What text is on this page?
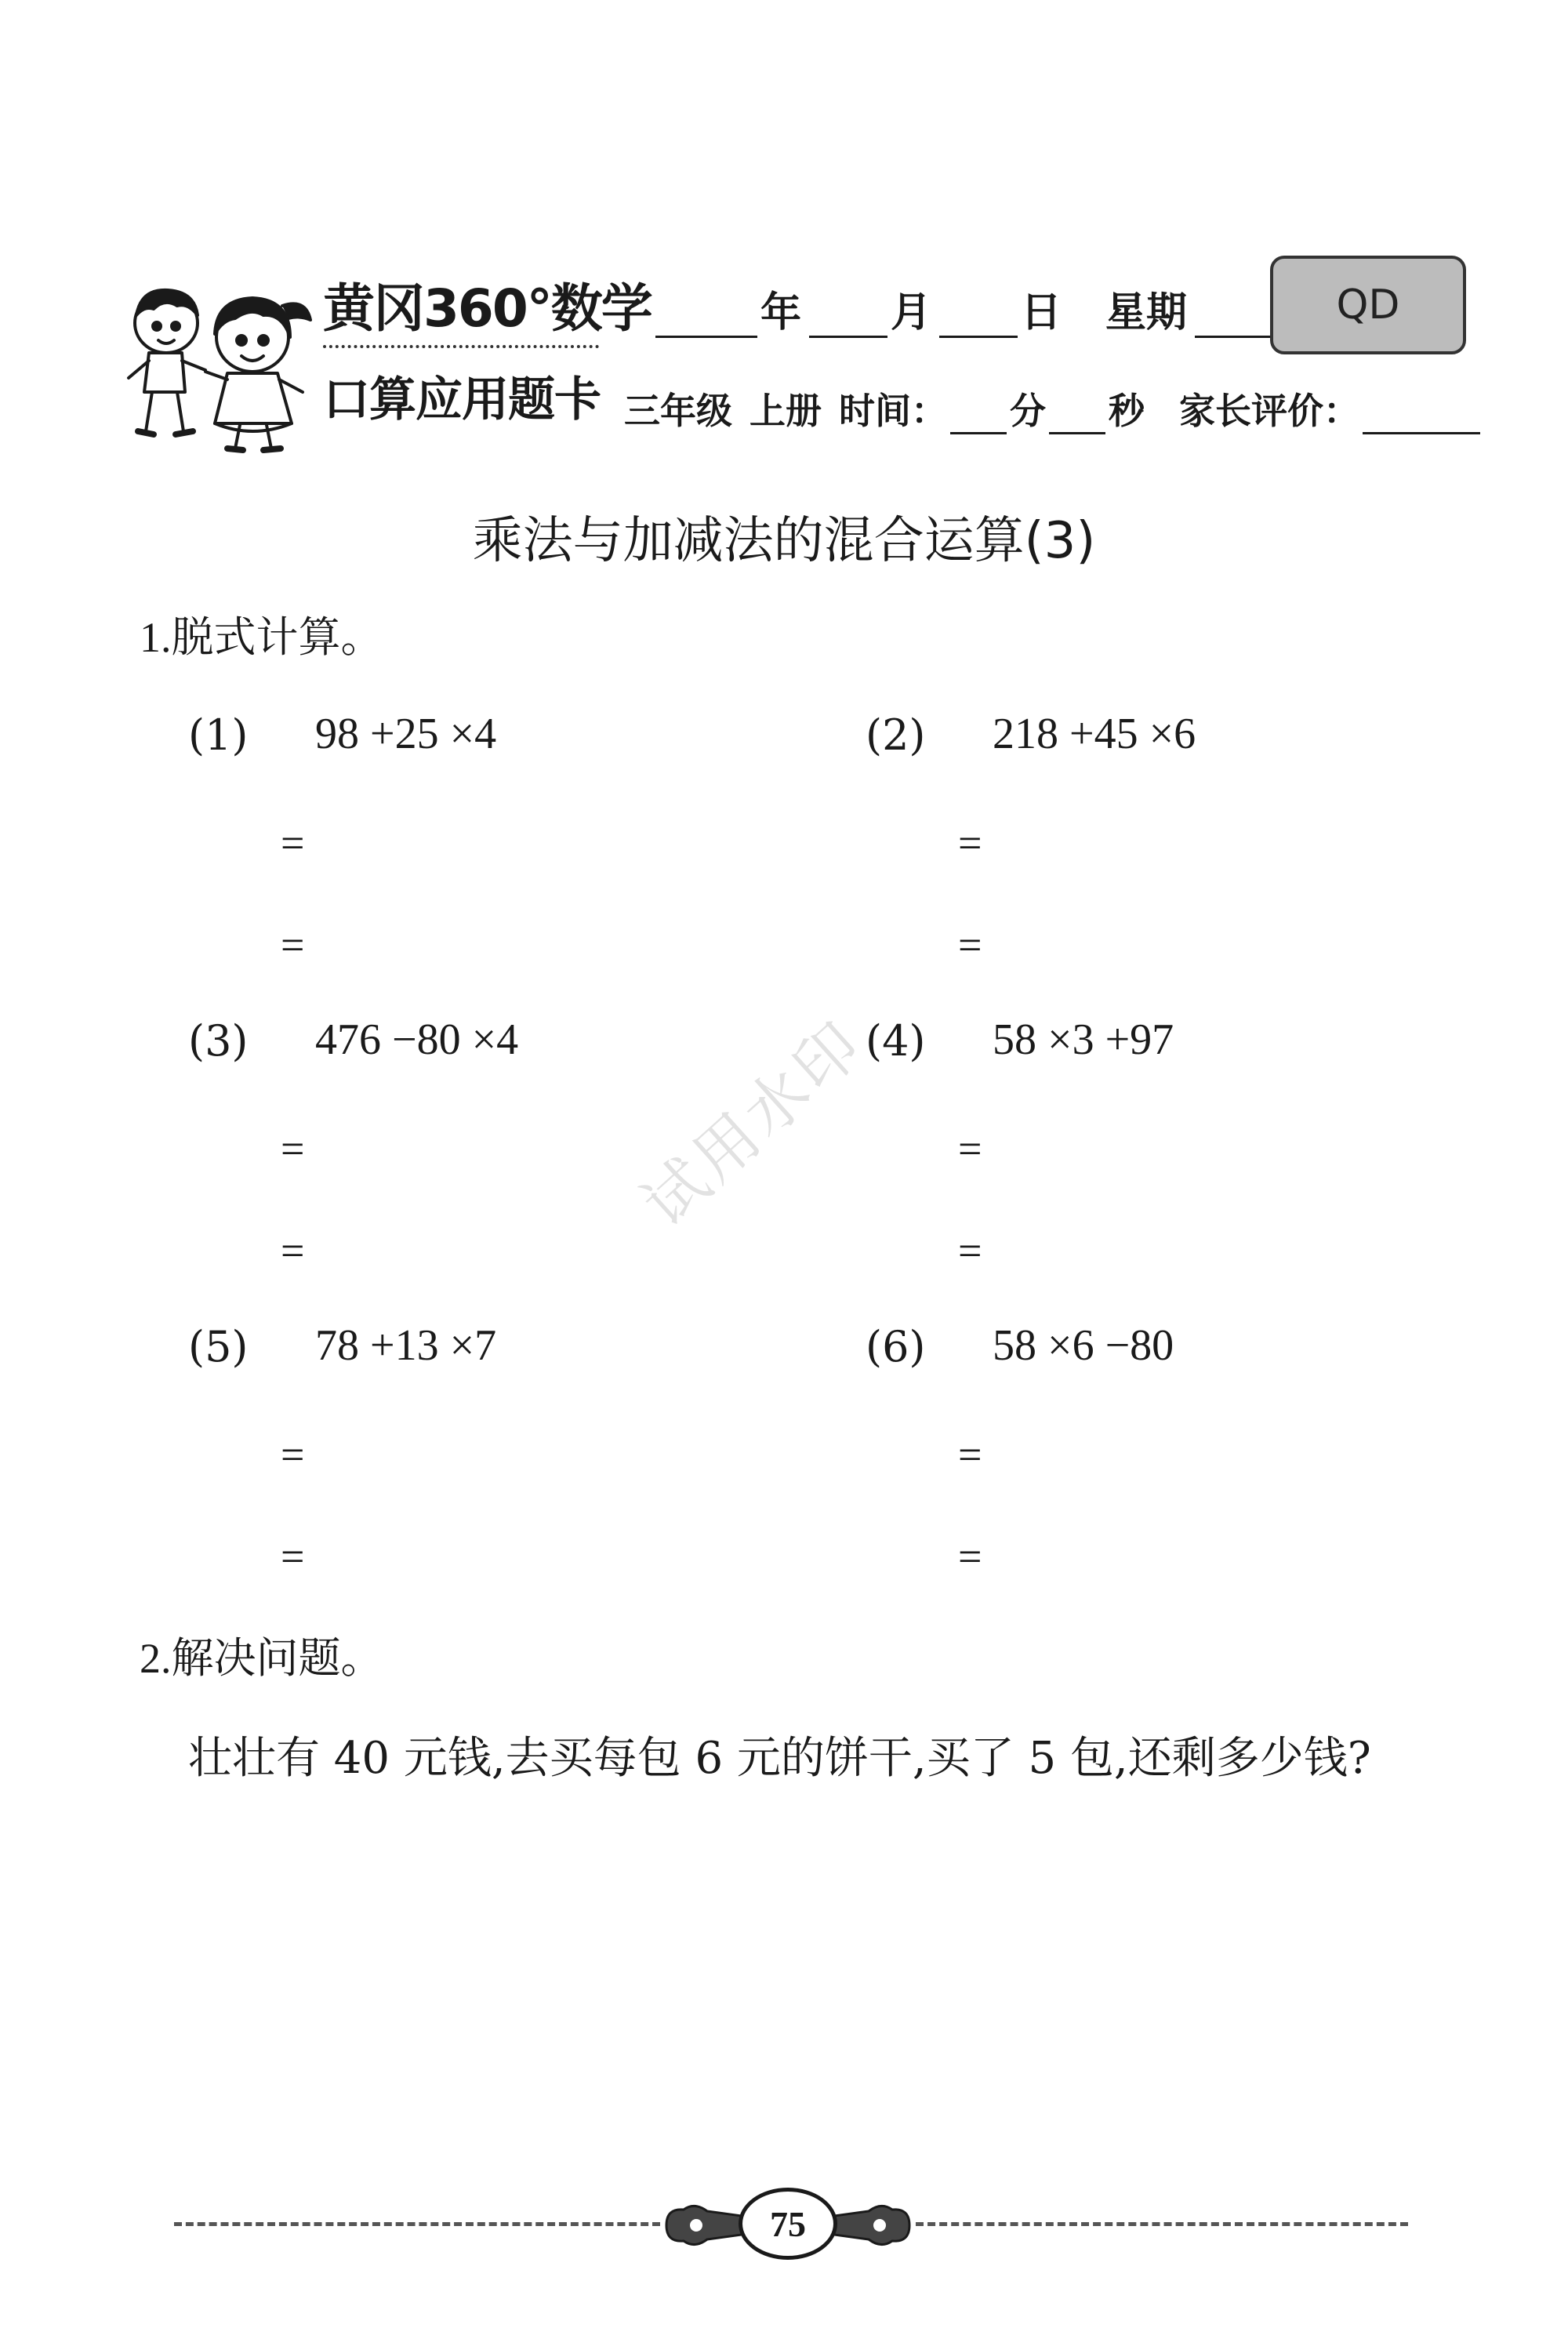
黄冈360°数学
口算应用题卡
年 月 日 星期	QD
三年级 上册 时间： 分 秒 家长评价：
乘法与加减法的混合运算(3)
1.脱式计算。
(1) 98 +25 ×4
=
=
(2) 218 +45 ×6
=
=
(3) 476 −80 ×4
=
=
(4) 58 ×3 +97
=
=
(5) 78 +13 ×7
=
=
(6) 58 ×6 −80
=
=
2.解决问题。
壮壮有 40 元钱,去买每包 6 元的饼干,买了 5 包,还剩多少钱?
试用水印
75
